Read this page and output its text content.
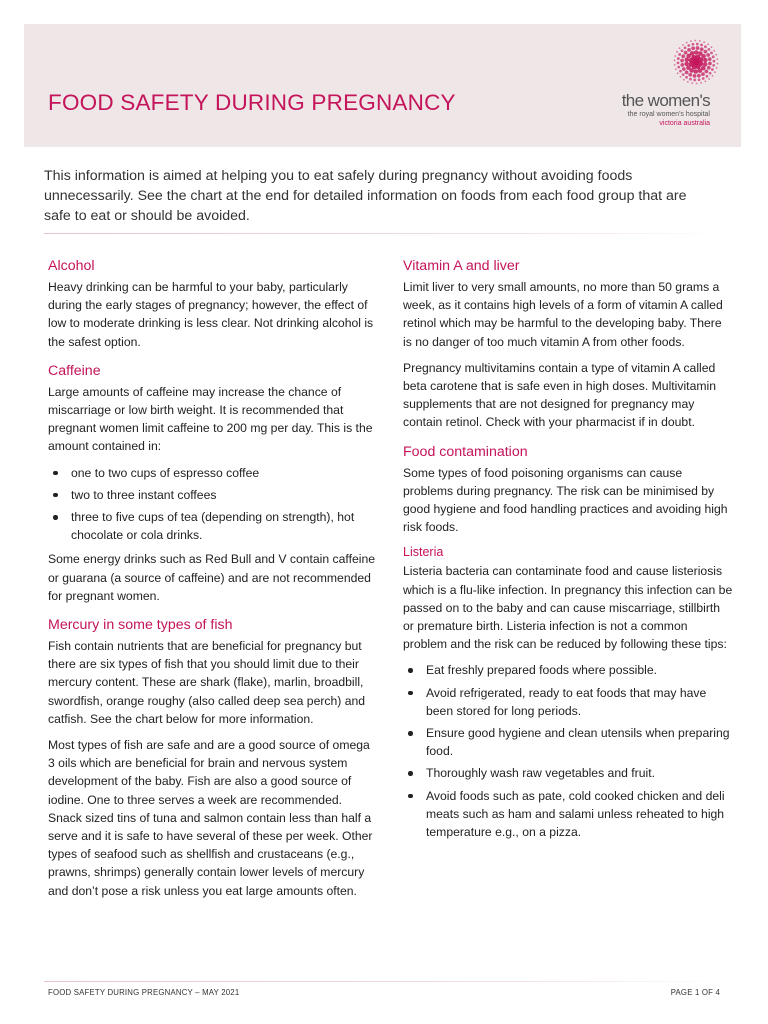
FOOD SAFETY DURING PREGNANCY	the women's
the royal women's hospital
victoria australia

This information is aimed at helping you to eat safely during pregnancy without avoiding foods unnecessarily. See the chart at the end for detailed information on foods from each food group that are safe to eat or should be avoided.

Alcohol

Heavy drinking can be harmful to your baby, particularly during the early stages of pregnancy; however, the effect of low to moderate drinking is less clear. Not drinking alcohol is the safest option.

Caffeine

Large amounts of caffeine may increase the chance of miscarriage or low birth weight. It is recommended that pregnant women limit caffeine to 200 mg per day. This is the amount contained in:

one to two cups of espresso coffee
two to three instant coffees
three to five cups of tea (depending on strength), hot chocolate or cola drinks.

Some energy drinks such as Red Bull and V contain caffeine or guarana (a source of caffeine) and are not recommended for pregnant women.

Mercury in some types of fish

Fish contain nutrients that are beneficial for pregnancy but there are six types of fish that you should limit due to their mercury content. These are shark (flake), marlin, broadbill, swordfish, orange roughy (also called deep sea perch) and catfish. See the chart below for more information.

Most types of fish are safe and are a good source of omega 3 oils which are beneficial for brain and nervous system development of the baby. Fish are also a good source of iodine. One to three serves a week are recommended. Snack sized tins of tuna and salmon contain less than half a serve and it is safe to have several of these per week. Other types of seafood such as shellfish and crustaceans (e.g., prawns, shrimps) generally contain lower levels of mercury and don’t pose a risk unless you eat large amounts often.

Vitamin A and liver

Limit liver to very small amounts, no more than 50 grams a week, as it contains high levels of a form of vitamin A called retinol which may be harmful to the developing baby. There is no danger of too much vitamin A from other foods.

Pregnancy multivitamins contain a type of vitamin A called beta carotene that is safe even in high doses. Multivitamin supplements that are not designed for pregnancy may contain retinol. Check with your pharmacist if in doubt.

Food contamination

Some types of food poisoning organisms can cause problems during pregnancy. The risk can be minimised by good hygiene and food handling practices and avoiding high risk foods.

Listeria

Listeria bacteria can contaminate food and cause listeriosis which is a flu-like infection. In pregnancy this infection can be passed on to the baby and can cause miscarriage, stillbirth or premature birth. Listeria infection is not a common problem and the risk can be reduced by following these tips:

Eat freshly prepared foods where possible.
Avoid refrigerated, ready to eat foods that may have been stored for long periods.
Ensure good hygiene and clean utensils when preparing food.
Thoroughly wash raw vegetables and fruit.
Avoid foods such as pate, cold cooked chicken and deli meats such as ham and salami unless reheated to high temperature e.g., on a pizza.
FOOD SAFETY DURING PREGNANCY – MAY 2021	PAGE 1 OF 4
